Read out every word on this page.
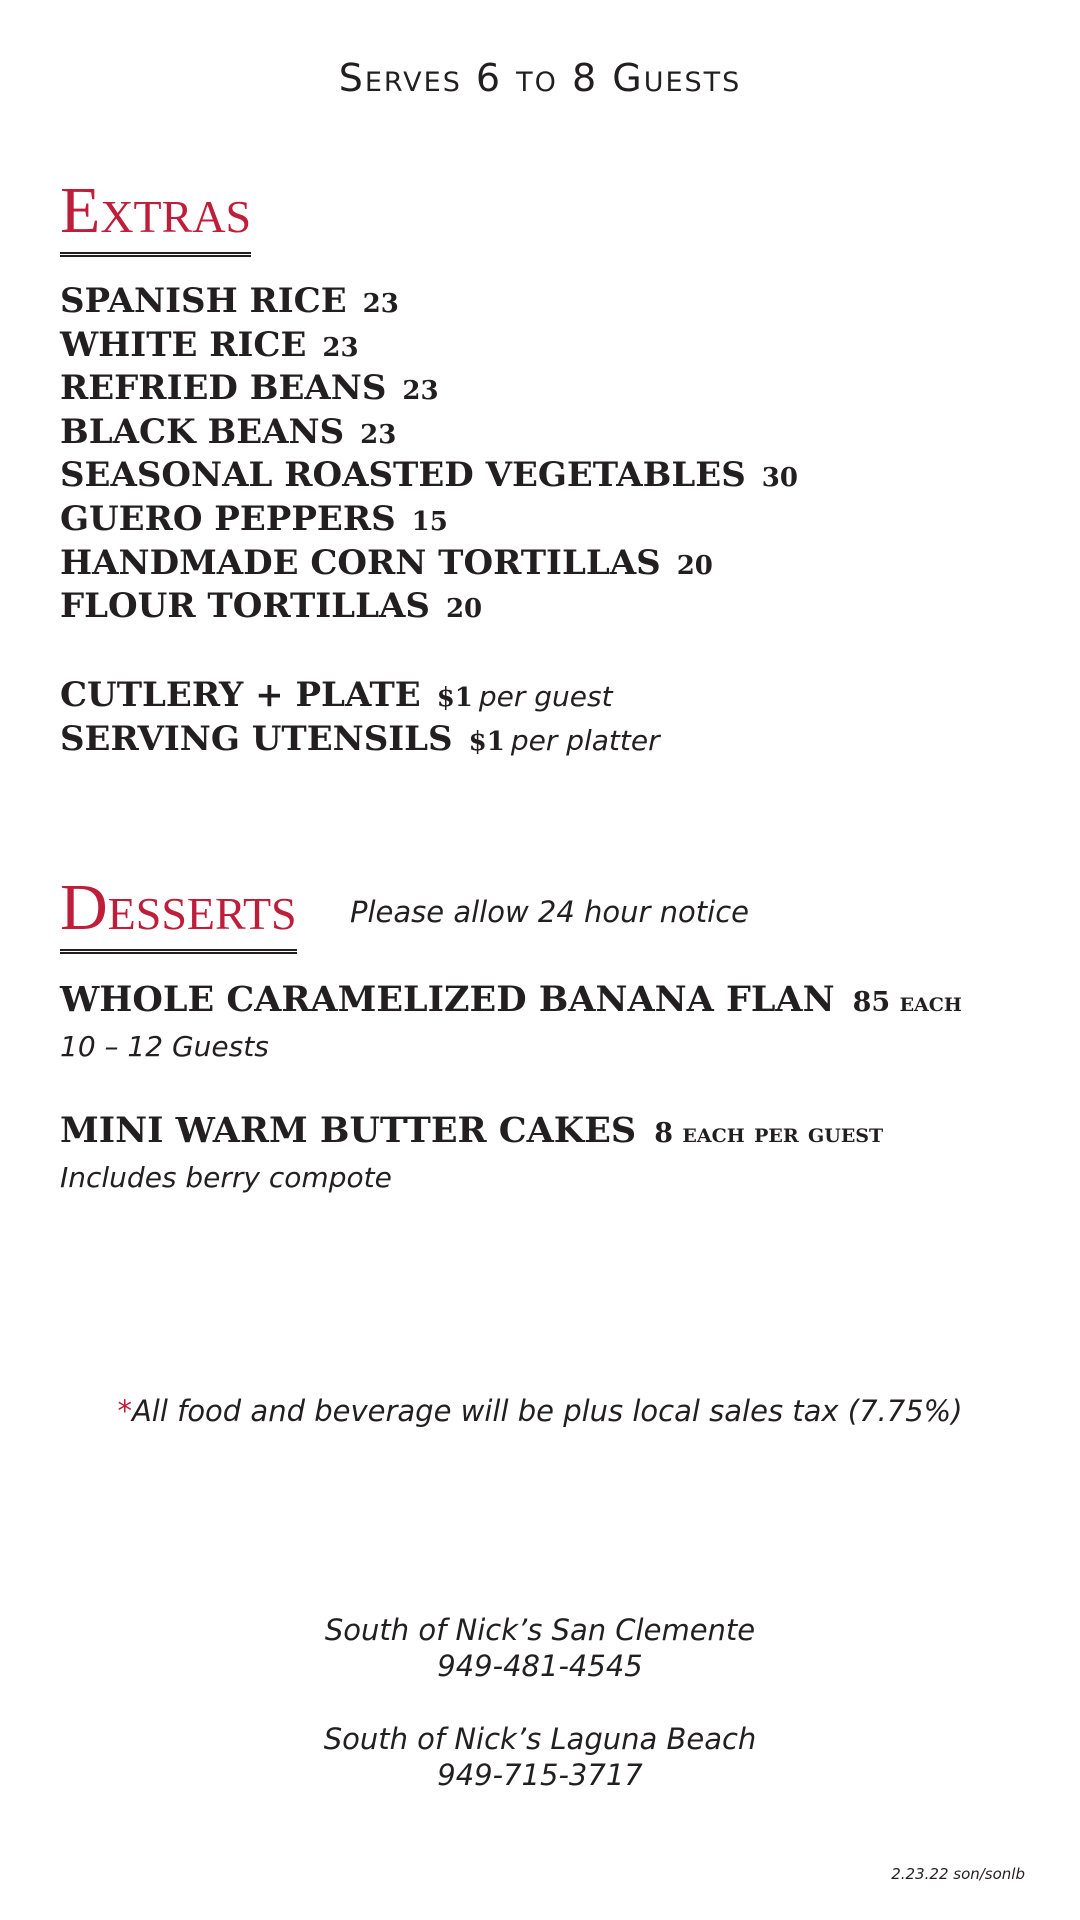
Serves 6 to 8 Guests
Extras
SPANISH RICE 23
WHITE RICE 23
REFRIED BEANS 23
BLACK BEANS 23
SEASONAL ROASTED VEGETABLES 30
GUERO PEPPERS 15
HANDMADE CORN TORTILLAS 20
FLOUR TORTILLAS 20
CUTLERY + PLATE $1 per guest
SERVING UTENSILS $1 per platter
Desserts Please allow 24 hour notice
WHOLE CARAMELIZED BANANA FLAN 85 each
10 – 12 Guests
MINI WARM BUTTER CAKES 8 each per guest
Includes berry compote
*All food and beverage will be plus local sales tax (7.75%)
South of Nick’s San Clemente
949-481-4545
South of Nick’s Laguna Beach
949-715-3717
2.23.22 son/sonlb
